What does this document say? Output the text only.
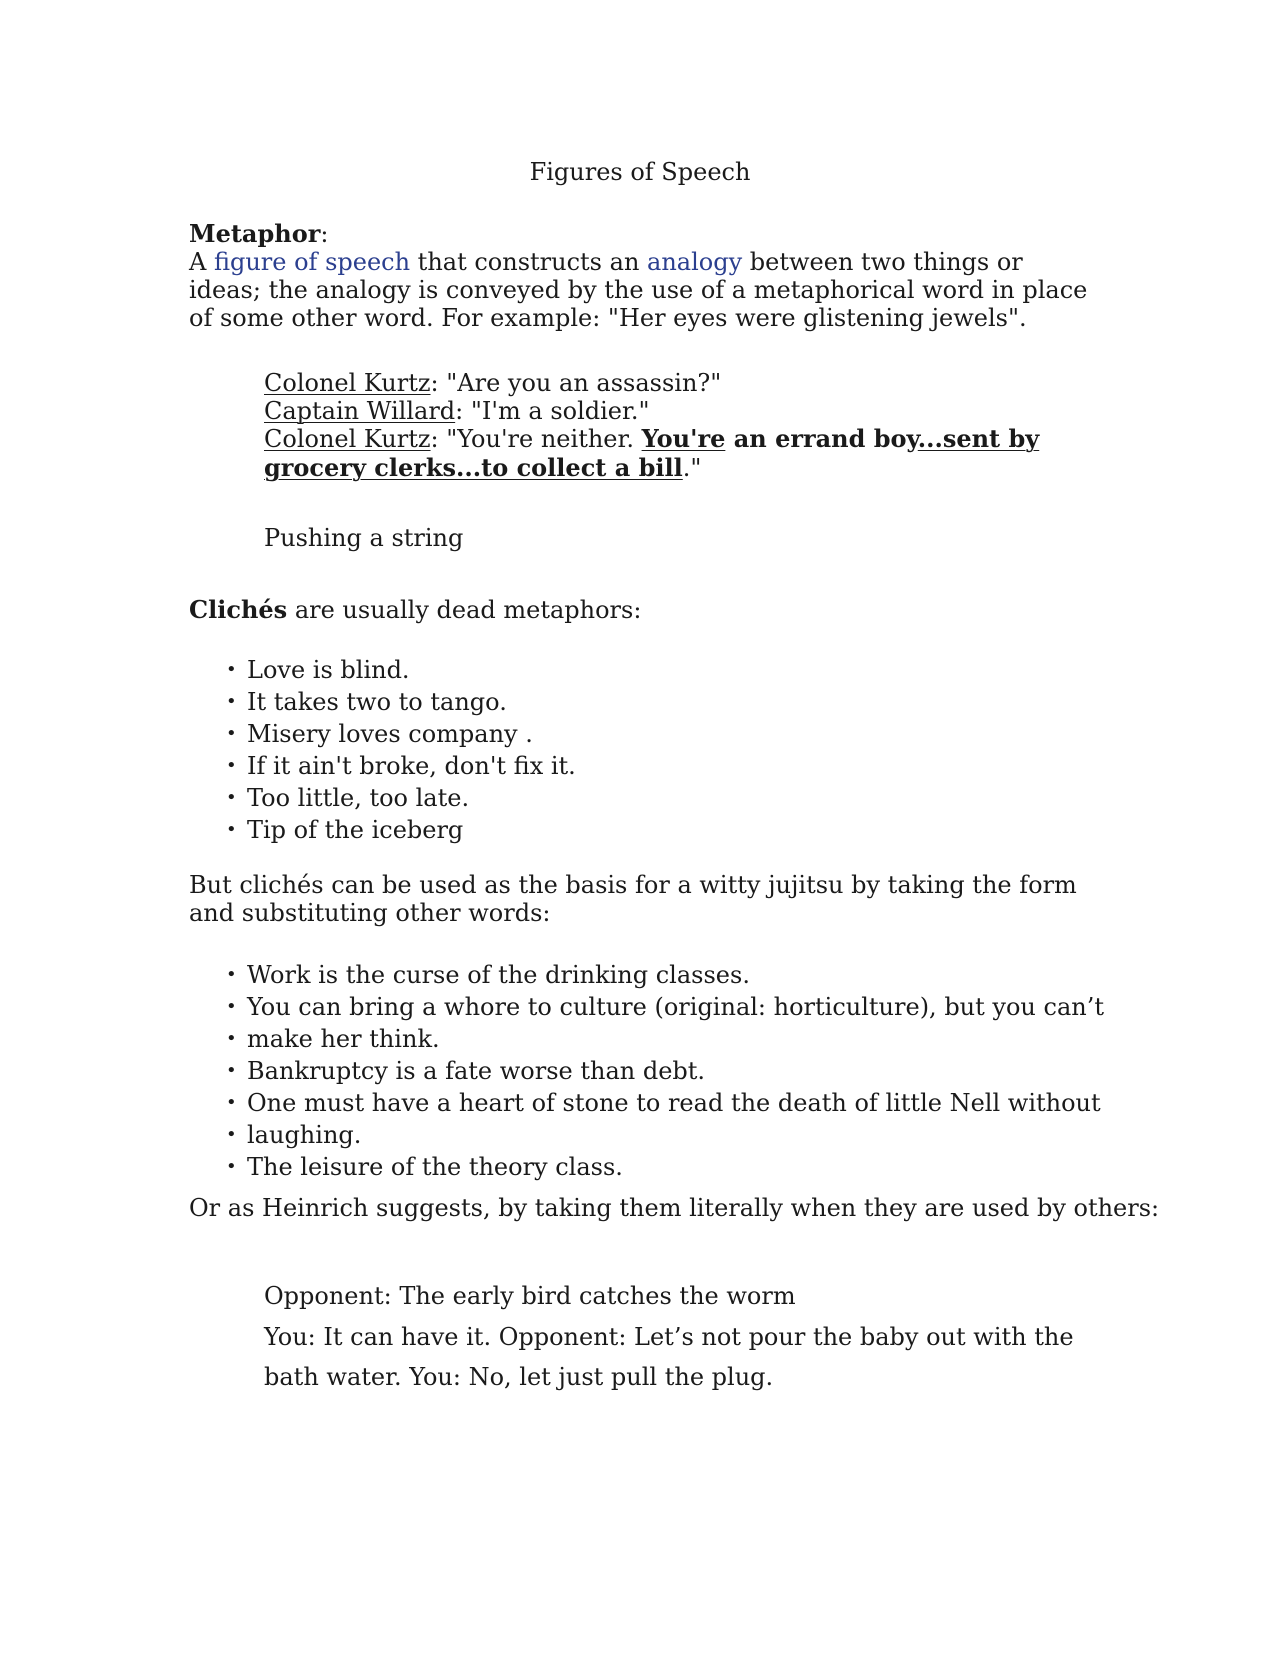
Figures of Speech
Metaphor:
A figure of speech that constructs an analogy between two things or ideas; the analogy is conveyed by the use of a metaphorical word in place of some other word. For example: "Her eyes were glistening jewels".
Colonel Kurtz: "Are you an assassin?"
Captain Willard: "I'm a soldier."
Colonel Kurtz: "You're neither. You're an errand boy...sent by grocery clerks...to collect a bill."
Pushing a string
Clichés are usually dead metaphors:
• Love is blind.
• It takes two to tango.
• Misery loves company .
• If it ain't broke, don't fix it.
• Too little, too late.
• Tip of the iceberg
But clichés can be used as the basis for a witty jujitsu by taking the form and substituting other words:
• Work is the curse of the drinking classes.
• You can bring a whore to culture (original: horticulture), but you can’t
• make her think.
• Bankruptcy is a fate worse than debt.
• One must have a heart of stone to read the death of little Nell without
• laughing.
• The leisure of the theory class.
Or as Heinrich suggests, by taking them literally when they are used by others:
Opponent: The early bird catches the worm
You: It can have it. Opponent: Let’s not pour the baby out with the bath water. You: No, let just pull the plug.
